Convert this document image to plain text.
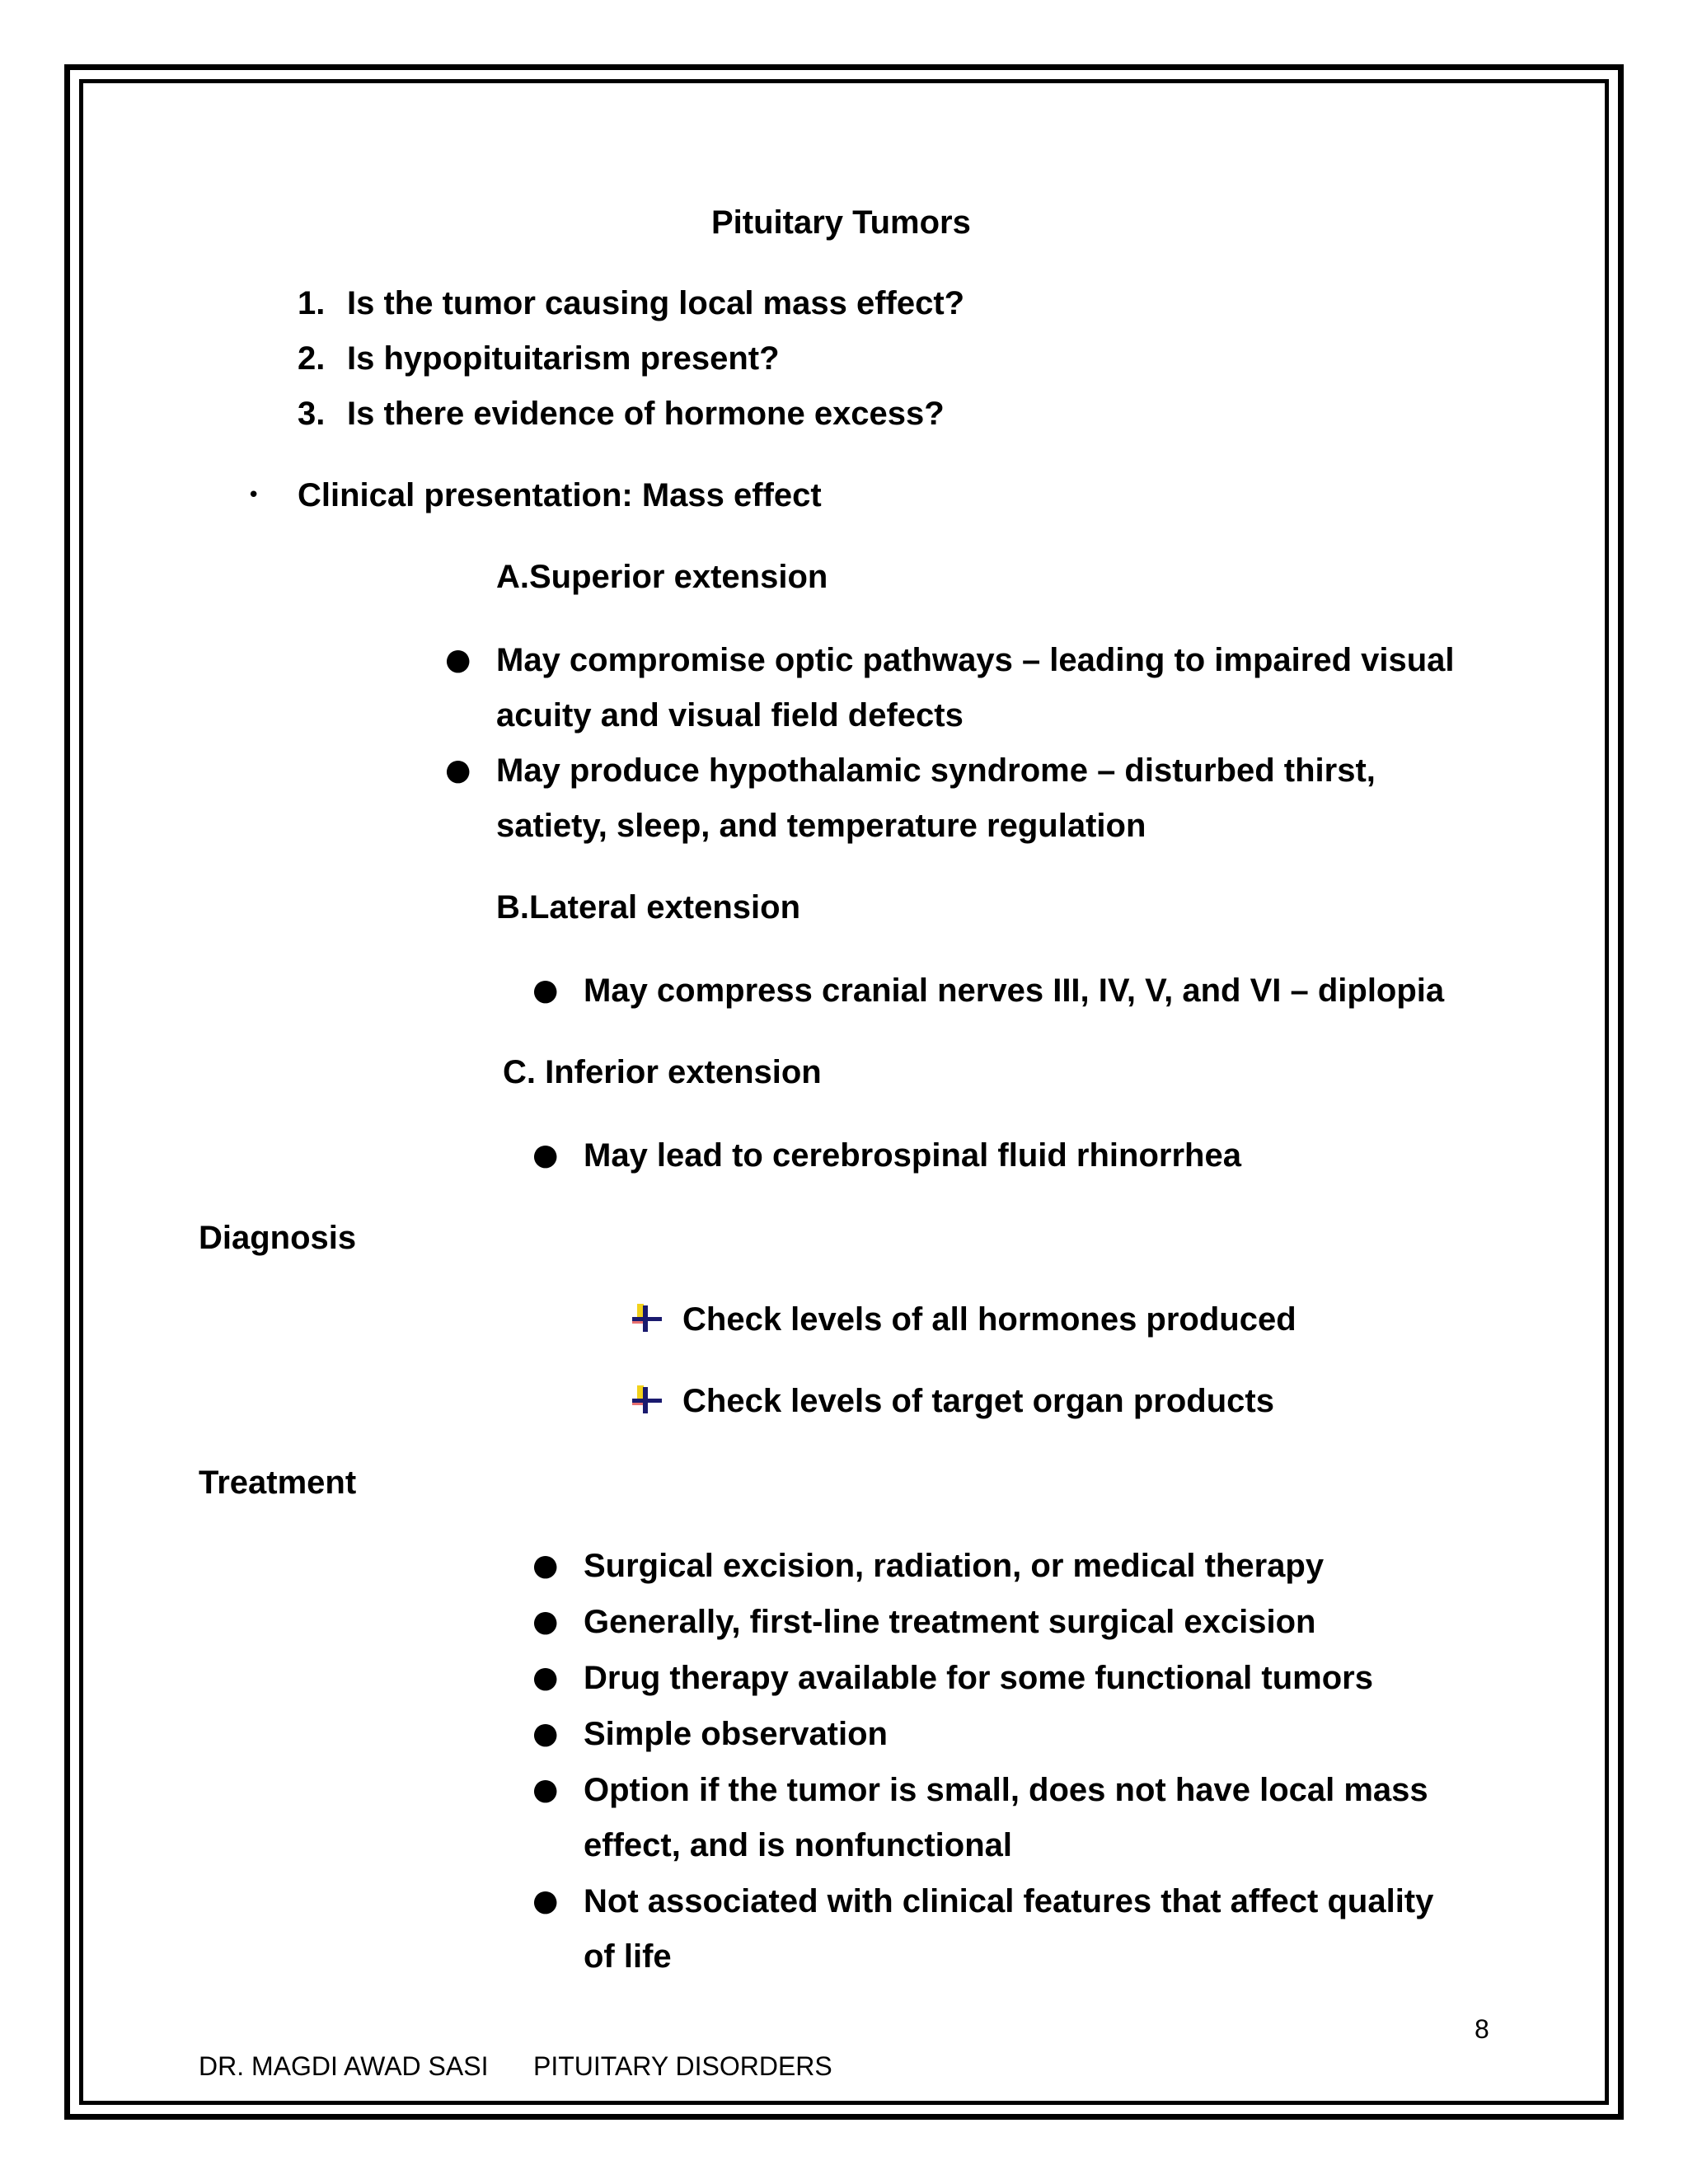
Pituitary Tumors
1. Is the tumor causing local mass effect?
2. Is hypopituitarism present?
3. Is there evidence of hormone excess?
• Clinical presentation: Mass effect
A.Superior extension
● May compromise optic pathways – leading to impaired visual
acuity and visual field defects
● May produce hypothalamic syndrome – disturbed thirst,
satiety, sleep, and temperature regulation
B.Lateral extension
● May compress cranial nerves III, IV, V, and VI – diplopia
C. Inferior extension
● May lead to cerebrospinal fluid rhinorrhea
Diagnosis
Check levels of all hormones produced
Check levels of target organ products
Treatment
● Surgical excision, radiation, or medical therapy
● Generally, first-line treatment surgical excision
● Drug therapy available for some functional tumors
● Simple observation
● Option if the tumor is small, does not have local mass
effect, and is nonfunctional
● Not associated with clinical features that affect quality
of life
8
DR. MAGDI AWAD SASI PITUITARY DISORDERS
